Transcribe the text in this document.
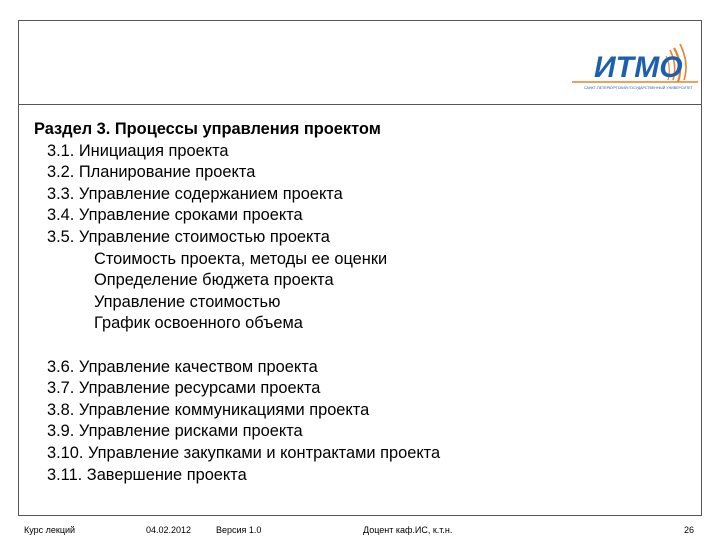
ИТМО
САНКТ-ПЕТЕРБУРГСКИЙ ГОСУДАРСТВЕННЫЙ УНИВЕРСИТЕТ
Раздел 3. Процессы управления проектом
3.1. Инициация проекта
3.2. Планирование проекта
3.3. Управление содержанием проекта
3.4. Управление сроками проекта
3.5. Управление стоимостью проекта
Стоимость проекта, методы ее оценки
Определение бюджета проекта
Управление стоимостью
График освоенного объема
3.6. Управление качеством проекта
3.7. Управление ресурсами проекта
3.8. Управление коммуникациями проекта
3.9. Управление рисками проекта
3.10. Управление закупками и контрактами проекта
3.11. Завершение проекта
Курс лекций	04.02.2012	Версия 1.0	Доцент каф.ИС, к.т.н.	26
